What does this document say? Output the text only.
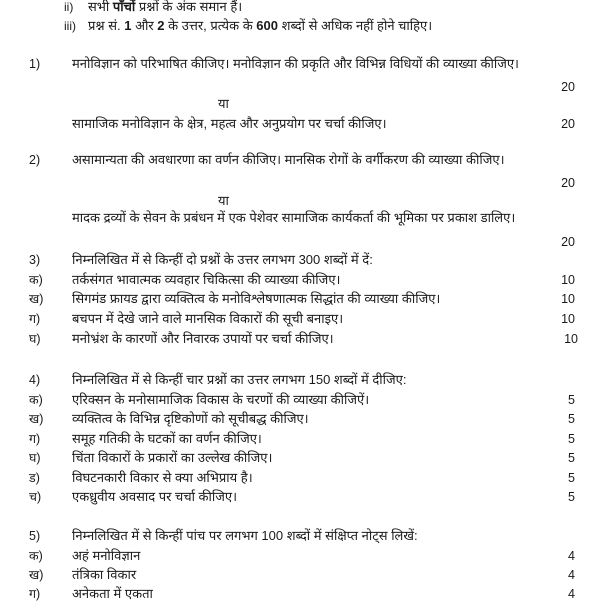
ii) सभी पाँचों प्रश्नों के अंक समान हैं।
iii) प्रश्न सं. 1 और 2 के उत्तर, प्रत्येक के 600 शब्दों से अधिक नहीं होने चाहिए।
1)	मनोविज्ञान को परिभाषित कीजिए। मनोविज्ञान की प्रकृति और विभिन्न विधियों की व्याख्या कीजिए।
20
या
सामाजिक मनोविज्ञान के क्षेत्र, महत्व और अनुप्रयोग पर चर्चा कीजिए।	20
2)	असामान्यता की अवधारणा का वर्णन कीजिए। मानसिक रोगों के वर्गीकरण की व्याख्या कीजिए।
20
या
मादक द्रव्यों के सेवन के प्रबंधन में एक पेशेवर सामाजिक कार्यकर्ता की भूमिका पर प्रकाश डालिए।
20
3)	निम्नलिखित में से किन्हीं दो प्रश्नों के उत्तर लगभग 300 शब्दों में दें:
क)	तर्कसंगत भावात्मक व्यवहार चिकित्सा की व्याख्या कीजिए।	10
ख)	सिगमंड फ्रायड द्वारा व्यक्तित्व के मनोविश्लेषणात्मक सिद्धांत की व्याख्या कीजिए।	10
ग)	बचपन में देखे जाने वाले मानसिक विकारों की सूची बनाइए।	10
घ)	मनोभ्रंश के कारणों और निवारक उपायों पर चर्चा कीजिए।	10
4)	निम्नलिखित में से किन्हीं चार प्रश्नों का उत्तर लगभग 150 शब्दों में दीजिए:
क)	एरिक्सन के मनोसामाजिक विकास के चरणों की व्याख्या कीजिऐं।	5
ख)	व्यक्तित्व के विभिन्न दृष्टिकोणों को सूचीबद्ध कीजिए।	5
ग)	समूह गतिकी के घटकों का वर्णन कीजिए।	5
घ)	चिंता विकारों के प्रकारों का उल्लेख कीजिए।	5
ड)	विघटनकारी विकार से क्या अभिप्राय है।	5
च)	एकध्रुवीय अवसाद पर चर्चा कीजिए।	5
5)	निम्नलिखित में से किन्हीं पांच पर लगभग 100 शब्दों में संक्षिप्त नोट्स लिखें:
क)	अहं मनोविज्ञान	4
ख)	तंत्रिका विकार	4
ग)	अनेकता में एकता	4
